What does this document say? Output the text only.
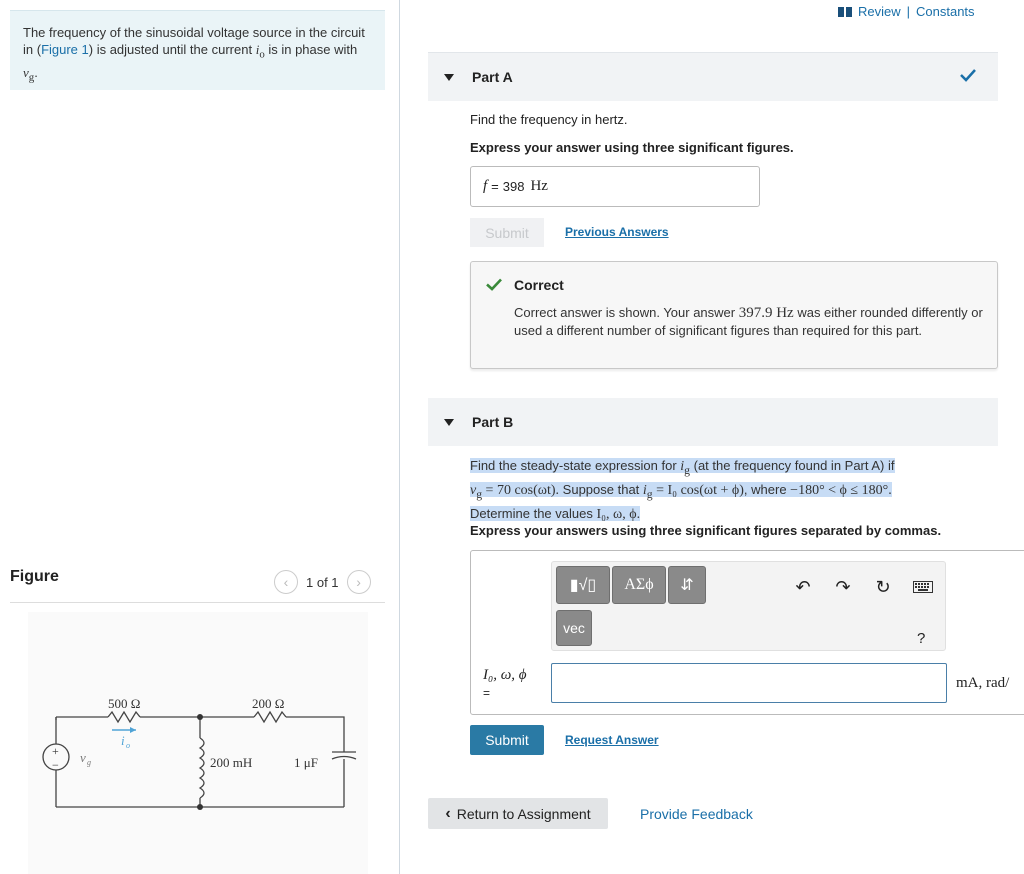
The frequency of the sinusoidal voltage source in the circuit in (Figure 1) is adjusted until the current $i_o$ is in phase with $v_g$.
Figure	‹ 1 of 1 ›
500 Ω	200 Ω
200 mH	1 μF
+
− v g
i o
Review | Constants
Part A
Find the frequency in hertz.
Express your answer using three significant figures.
f = 398 Hz
Submit	Previous Answers
Correct
Correct answer is shown. Your answer 397.9 Hz was either rounded differently or used a different number of significant figures than required for this part.
Part B
Find the steady-state expression for $i_g$ (at the frequency found in Part A) if
$v_g = 70$ cos(ωt). Suppose that $i_g = I_0$ cos(ωt + ϕ), where −180° < ϕ ≤ 180°.
Determine the values I₀, ω, ϕ.
Express your answers using three significant figures separated by commas.
▮√▯ ΑΣϕ ⇵
vec
↶ ↷ ↻
?
I₀, ω, ϕ
=
mA, rad/
Submit	Request Answer
‹ Return to Assignment	Provide Feedback
